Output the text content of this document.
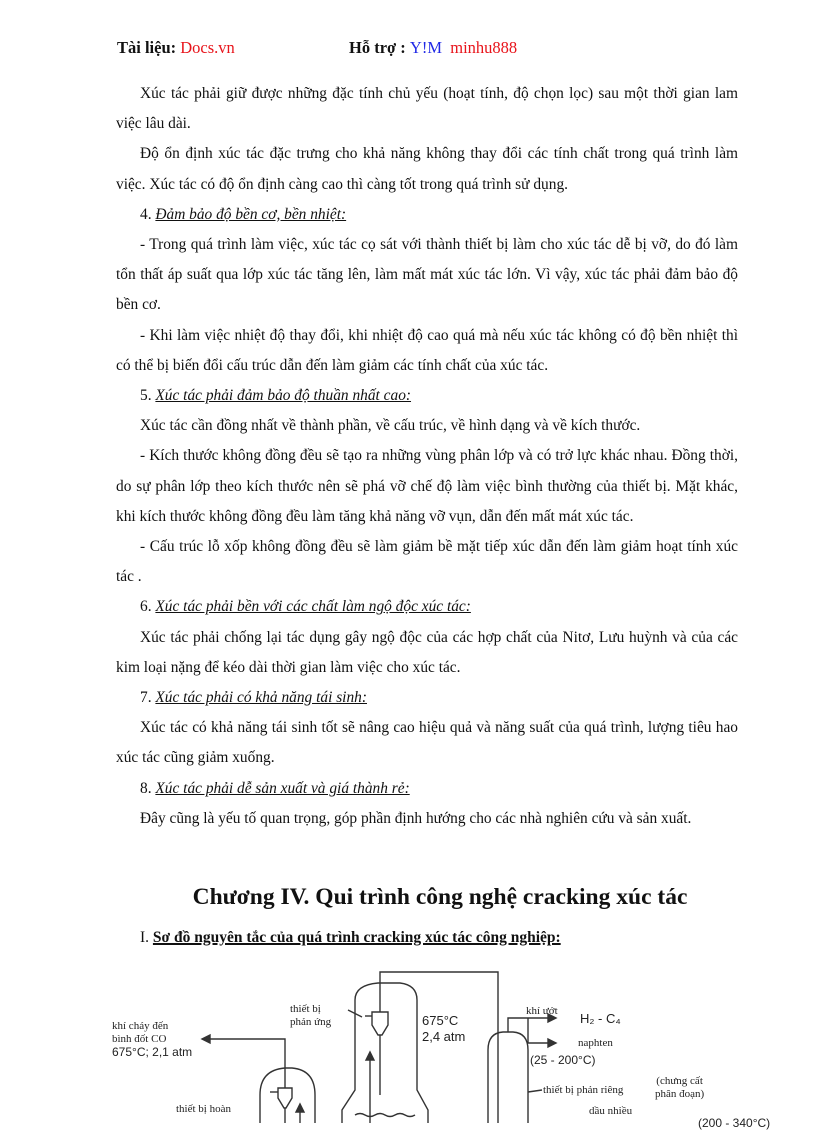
Tài liệu: Docs.vn	Hỗ trợ : Y!M minhu888

Xúc tác phải giữ được những đặc tính chủ yếu (hoạt tính, độ chọn lọc) sau một thời gian lam việc lâu dài.

Độ ổn định xúc tác đặc trưng cho khả năng không thay đổi các tính chất trong quá trình làm việc. Xúc tác có độ ổn định càng cao thì càng tốt trong quá trình sử dụng.

4. Đảm bảo độ bền cơ, bền nhiệt:

- Trong quá trình làm việc, xúc tác cọ sát với thành thiết bị làm cho xúc tác dễ bị vỡ, do đó làm tổn thất áp suất qua lớp xúc tác tăng lên, làm mất mát xúc tác lớn. Vì vậy, xúc tác phải đảm bảo độ bền cơ.

- Khi làm việc nhiệt độ thay đổi, khi nhiệt độ cao quá mà nếu xúc tác không có độ bền nhiệt thì có thể bị biến đổi cấu trúc dẫn đến làm giảm các tính chất của xúc tác.

5. Xúc tác phải đảm bảo độ thuần nhất cao:

Xúc tác cần đồng nhất về thành phần, về cấu trúc, về hình dạng và về kích thước.

- Kích thước không đồng đều sẽ tạo ra những vùng phân lớp và có trở lực khác nhau. Đồng thời, do sự phân lớp theo kích thước nên sẽ phá vỡ chế độ làm việc bình thường của thiết bị. Mặt khác, khi kích thước không đồng đều làm tăng khả năng vỡ vụn, dẫn đến mất mát xúc tác.

- Cấu trúc lỗ xốp không đồng đều sẽ làm giảm bề mặt tiếp xúc dẫn đến làm giảm hoạt tính xúc tác .

6. Xúc tác phải bền với các chất làm ngộ độc xúc tác:

Xúc tác phải chống lại tác dụng gây ngộ độc của các hợp chất của Nitơ, Lưu huỳnh và của các kim loại nặng để kéo dài thời gian làm việc cho xúc tác.

7. Xúc tác phải có khả năng tái sinh:

Xúc tác có khả năng tái sinh tốt sẽ nâng cao hiệu quả và năng suất của quá trình, lượng tiêu hao xúc tác cũng giảm xuống.

8. Xúc tác phải dễ sản xuất và giá thành rẻ:

Đây cũng là yếu tố quan trọng, góp phần định hướng cho các nhà nghiên cứu và sản xuất.

Chương IV. Qui trình công nghệ cracking xúc tác
I. Sơ đồ nguyên tắc của quá trình cracking xúc tác công nghiệp:
khí cháy đến
bình đốt CO
675°C; 2,1 atm
thiết bị
phản ứng	675°C
2,4 atm
thiết bị hoàn
khí ướt H₂ - C₄
naphten
(25 - 200°C)
thiết bị phản riêng
(chưng cất
phân đoạn)
dầu nhiều
(200 - 340°C)
